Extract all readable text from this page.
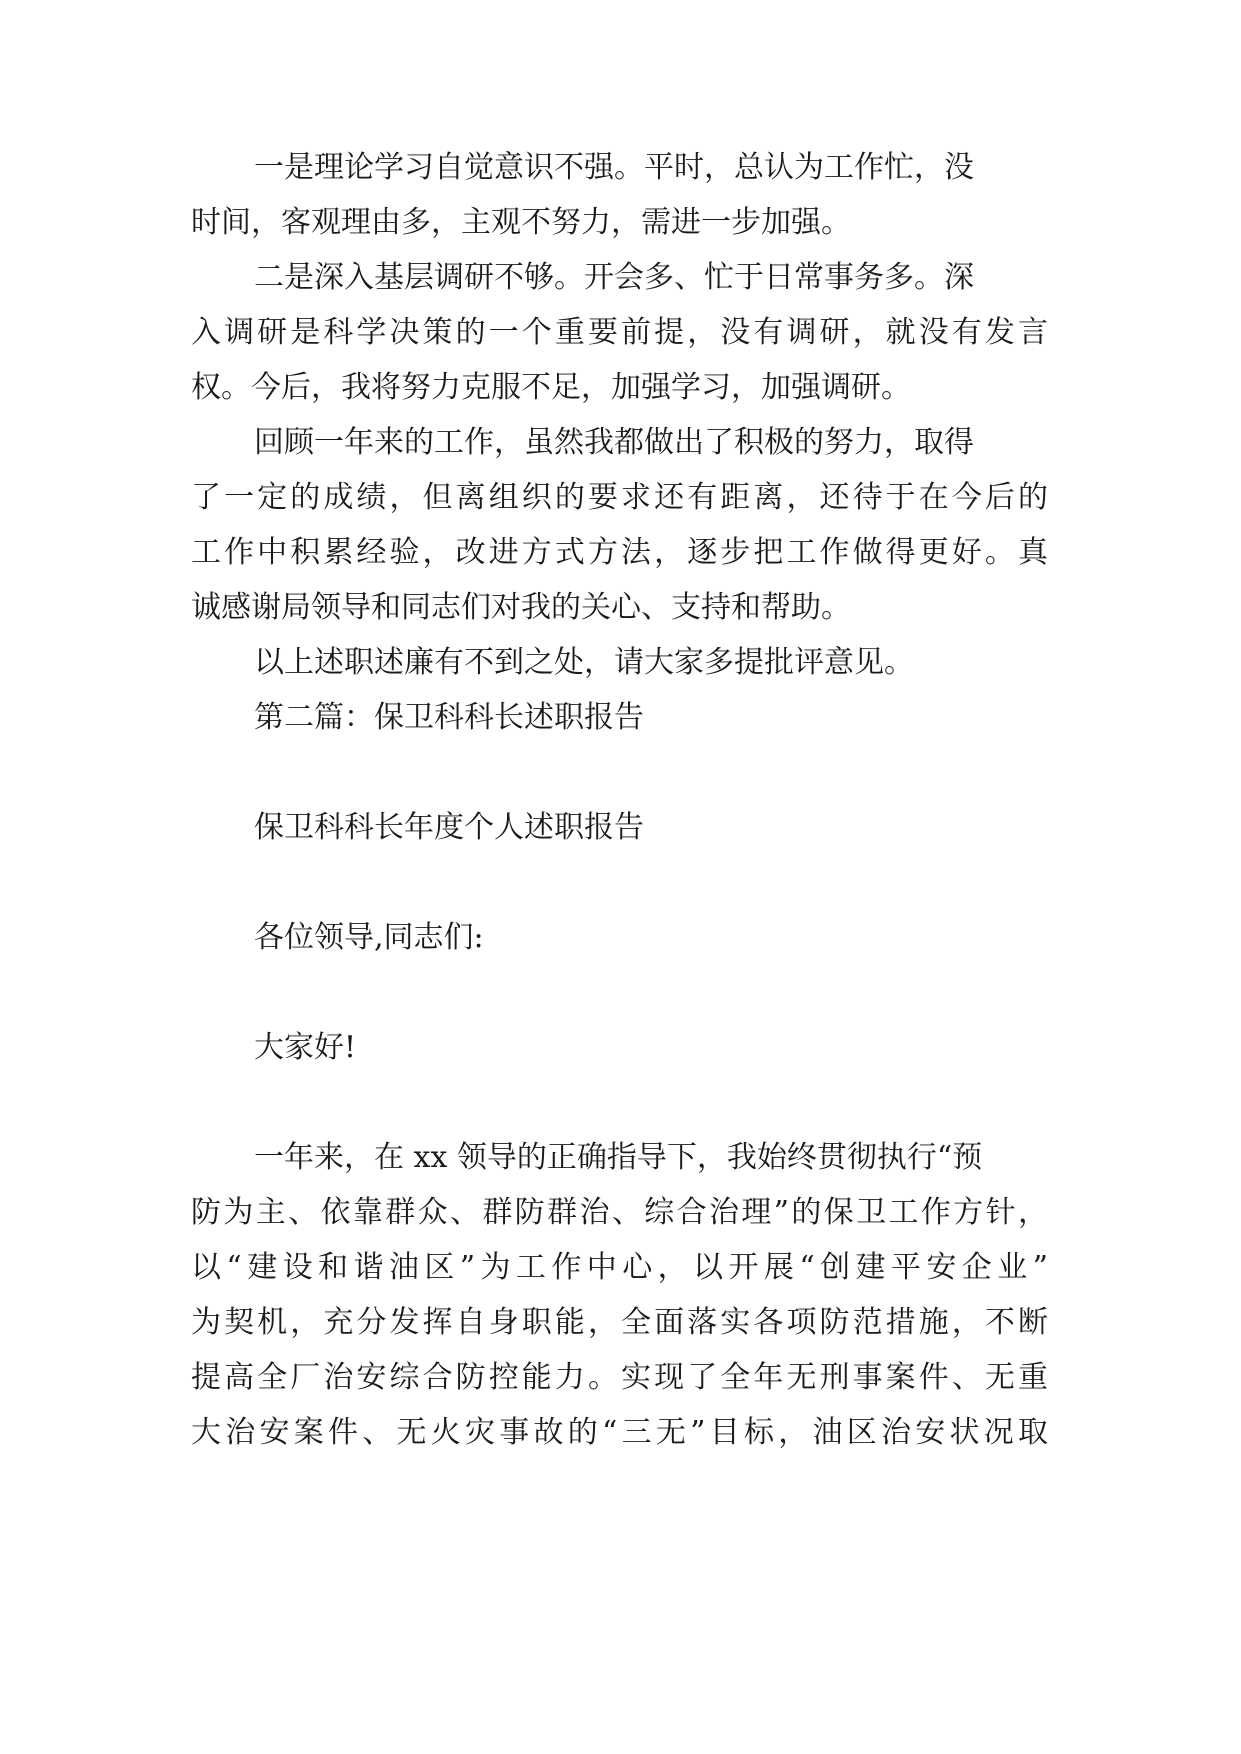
一是理论学习自觉意识不强。平时，总认为工作忙，没
时间，客观理由多，主观不努力，需进一步加强。
二是深入基层调研不够。开会多、忙于日常事务多。深
入调研是科学决策的一个重要前提，没有调研，就没有发言
权。今后，我将努力克服不足，加强学习，加强调研。
回顾一年来的工作，虽然我都做出了积极的努力，取得
了一定的成绩，但离组织的要求还有距离，还待于在今后的
工作中积累经验，改进方式方法，逐步把工作做得更好。真
诚感谢局领导和同志们对我的关心、支持和帮助。
以上述职述廉有不到之处，请大家多提批评意见。
第二篇：保卫科科长述职报告
保卫科科长年度个人述职报告
各位领导,同志们:
大家好!
一年来，在 xx 领导的正确指导下，我始终贯彻执行“预
防为主、依靠群众、群防群治、综合治理”的保卫工作方针，
以“建设和谐油区”为工作中心，以开展“创建平安企业”
为契机，充分发挥自身职能，全面落实各项防范措施，不断
提高全厂治安综合防控能力。实现了全年无刑事案件、无重
大治安案件、无火灾事故的“三无”目标，油区治安状况取
